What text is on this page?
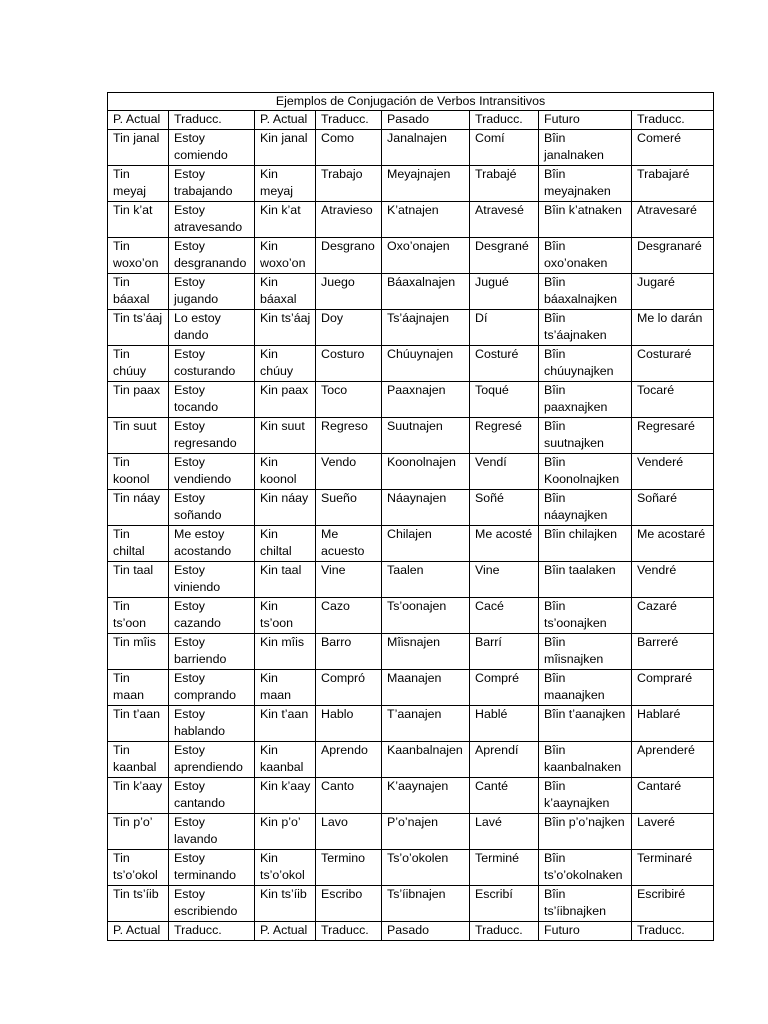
Ejemplos de Conjugación de Verbos Intransitivos							
P. Actual	Traducc.	P. Actual	Traducc.	Pasado	Traducc.	Futuro	Traducc.
Tin janal	Estoy comiendo	Kin janal	Como	Janalnajen	Comí	Bîin janalnaken	Comeré
Tin meyaj	Estoy trabajando	Kin meyaj	Trabajo	Meyajnajen	Trabajé	Bîin meyajnaken	Trabajaré
Tin k’at	Estoy atravesando	Kin k’at	Atravieso	K’atnajen	Atravesé	Bîin k’atnaken	Atravesaré
Tin woxo’on	Estoy desgranando	Kin woxo’on	Desgrano	Oxo’onajen	Desgrané	Bîin oxo’onaken	Desgranaré
Tin báaxal	Estoy jugando	Kin báaxal	Juego	Báaxalnajen	Jugué	Bîin báaxalnajken	Jugaré
Tin ts’áaj	Lo estoy dando	Kin ts’áaj	Doy	Ts’áajnajen	Dí	Bîin ts’áajnaken	Me lo darán
Tin chúuy	Estoy costurando	Kin chúuy	Costuro	Chúuynajen	Costuré	Bîin chúuynajken	Costuraré
Tin paax	Estoy tocando	Kin paax	Toco	Paaxnajen	Toqué	Bîin paaxnajken	Tocaré
Tin suut	Estoy regresando	Kin suut	Regreso	Suutnajen	Regresé	Bîin suutnajken	Regresaré
Tin koonol	Estoy vendiendo	Kin koonol	Vendo	Koonolnajen	Vendí	Bîin Koonolnajken	Venderé
Tin náay	Estoy soñando	Kin náay	Sueño	Náaynajen	Soñé	Bîin náaynajken	Soñaré
Tin chiltal	Me estoy acostando	Kin chiltal	Me acuesto	Chilajen	Me acosté	Bîin chilajken	Me acostaré
Tin taal	Estoy viniendo	Kin taal	Vine	Taalen	Vine	Bîin taalaken	Vendré
Tin ts’oon	Estoy cazando	Kin ts’oon	Cazo	Ts’oonajen	Cacé	Bîin ts’oonajken	Cazaré
Tin mîis	Estoy barriendo	Kin mîis	Barro	Mîisnajen	Barrí	Bîin mîisnajken	Barreré
Tin maan	Estoy comprando	Kin maan	Compró	Maanajen	Compré	Bîin maanajken	Compraré
Tin t’aan	Estoy hablando	Kin t’aan	Hablo	T’aanajen	Hablé	Bîin t’aanajken	Hablaré
Tin kaanbal	Estoy aprendiendo	Kin kaanbal	Aprendo	Kaanbalnajen	Aprendí	Bîin kaanbalnaken	Aprenderé
Tin k’aay	Estoy cantando	Kin k’aay	Canto	K’aaynajen	Canté	Bîin k’aaynajken	Cantaré
Tin p’o’	Estoy lavando	Kin p’o’	Lavo	P’o’najen	Lavé	Bîin p’o’najken	Laveré
Tin ts’o’okol	Estoy terminando	Kin ts’o’okol	Termino	Ts’o’okolen	Terminé	Bîin ts’o’okolnaken	Terminaré
Tin ts’íib	Estoy escribiendo	Kin ts’íib	Escribo	Ts’íibnajen	Escribí	Bîin ts’íibnajken	Escribiré
P. Actual	Traducc.	P. Actual	Traducc.	Pasado	Traducc.	Futuro	Traducc.
